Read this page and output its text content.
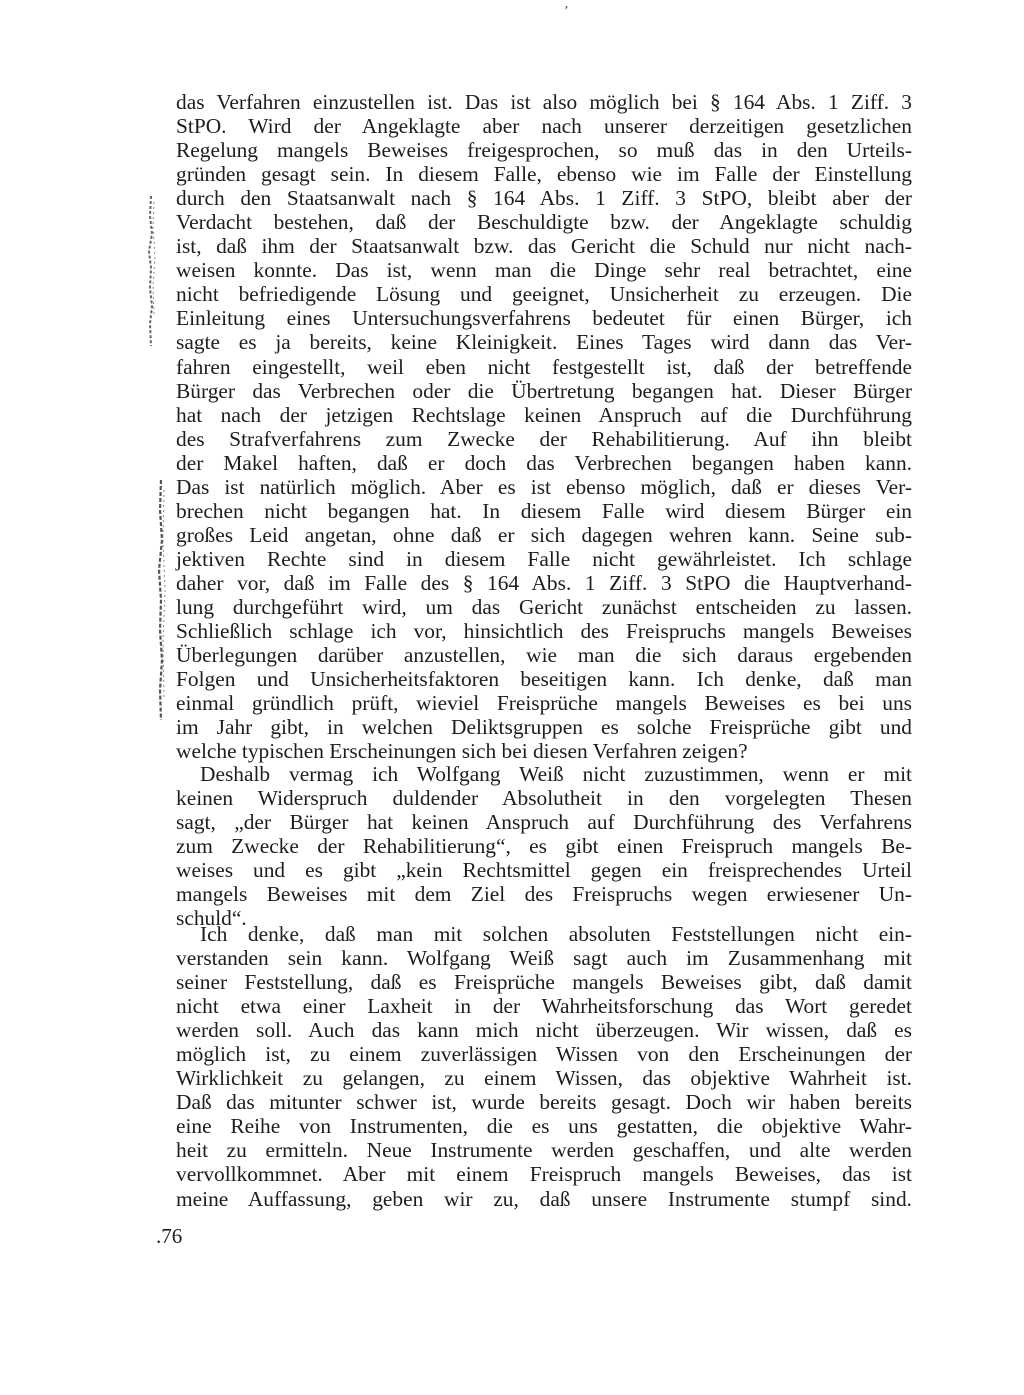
’
das Verfahren einzustellen ist. Das ist also möglich bei § 164 Abs. 1 Ziff. 3
StPO. Wird der Angeklagte aber nach unserer derzeitigen gesetzlichen
Regelung mangels Beweises freigesprochen, so muß das in den Urteils-
gründen gesagt sein. In diesem Falle, ebenso wie im Falle der Einstellung
durch den Staatsanwalt nach § 164 Abs. 1 Ziff. 3 StPO, bleibt aber der
Verdacht bestehen, daß der Beschuldigte bzw. der Angeklagte schuldig
ist, daß ihm der Staatsanwalt bzw. das Gericht die Schuld nur nicht nach-
weisen konnte. Das ist, wenn man die Dinge sehr real betrachtet, eine
nicht befriedigende Lösung und geeignet, Unsicherheit zu erzeugen. Die
Einleitung eines Untersuchungsverfahrens bedeutet für einen Bürger, ich
sagte es ja bereits, keine Kleinigkeit. Eines Tages wird dann das Ver-
fahren eingestellt, weil eben nicht festgestellt ist, daß der betreffende
Bürger das Verbrechen oder die Übertretung begangen hat. Dieser Bürger
hat nach der jetzigen Rechtslage keinen Anspruch auf die Durchführung
des Strafverfahrens zum Zwecke der Rehabilitierung. Auf ihn bleibt
der Makel haften, daß er doch das Verbrechen begangen haben kann.
Das ist natürlich möglich. Aber es ist ebenso möglich, daß er dieses Ver-
brechen nicht begangen hat. In diesem Falle wird diesem Bürger ein
großes Leid angetan, ohne daß er sich dagegen wehren kann. Seine sub-
jektiven Rechte sind in diesem Falle nicht gewährleistet. Ich schlage
daher vor, daß im Falle des § 164 Abs. 1 Ziff. 3 StPO die Hauptverhand-
lung durchgeführt wird, um das Gericht zunächst entscheiden zu lassen.
Schließlich schlage ich vor, hinsichtlich des Freispruchs mangels Beweises
Überlegungen darüber anzustellen, wie man die sich daraus ergebenden
Folgen und Unsicherheitsfaktoren beseitigen kann. Ich denke, daß man
einmal gründlich prüft, wieviel Freisprüche mangels Beweises es bei uns
im Jahr gibt, in welchen Deliktsgruppen es solche Freisprüche gibt und
welche typischen Erscheinungen sich bei diesen Verfahren zeigen?
Deshalb vermag ich Wolfgang Weiß nicht zuzustimmen, wenn er mit
keinen Widerspruch duldender Absolutheit in den vorgelegten Thesen
sagt, „der Bürger hat keinen Anspruch auf Durchführung des Verfahrens
zum Zwecke der Rehabilitierung“, es gibt einen Freispruch mangels Be-
weises und es gibt „kein Rechtsmittel gegen ein freisprechendes Urteil
mangels Beweises mit dem Ziel des Freispruchs wegen erwiesener Un-
schuld“.
Ich denke, daß man mit solchen absoluten Feststellungen nicht ein-
verstanden sein kann. Wolfgang Weiß sagt auch im Zusammenhang mit
seiner Feststellung, daß es Freisprüche mangels Beweises gibt, daß damit
nicht etwa einer Laxheit in der Wahrheitsforschung das Wort geredet
werden soll. Auch das kann mich nicht überzeugen. Wir wissen, daß es
möglich ist, zu einem zuverlässigen Wissen von den Erscheinungen der
Wirklichkeit zu gelangen, zu einem Wissen, das objektive Wahrheit ist.
Daß das mitunter schwer ist, wurde bereits gesagt. Doch wir haben bereits
eine Reihe von Instrumenten, die es uns gestatten, die objektive Wahr-
heit zu ermitteln. Neue Instrumente werden geschaffen, und alte werden
vervollkommnet. Aber mit einem Freispruch mangels Beweises, das ist
meine Auffassung, geben wir zu, daß unsere Instrumente stumpf sind.
.76
